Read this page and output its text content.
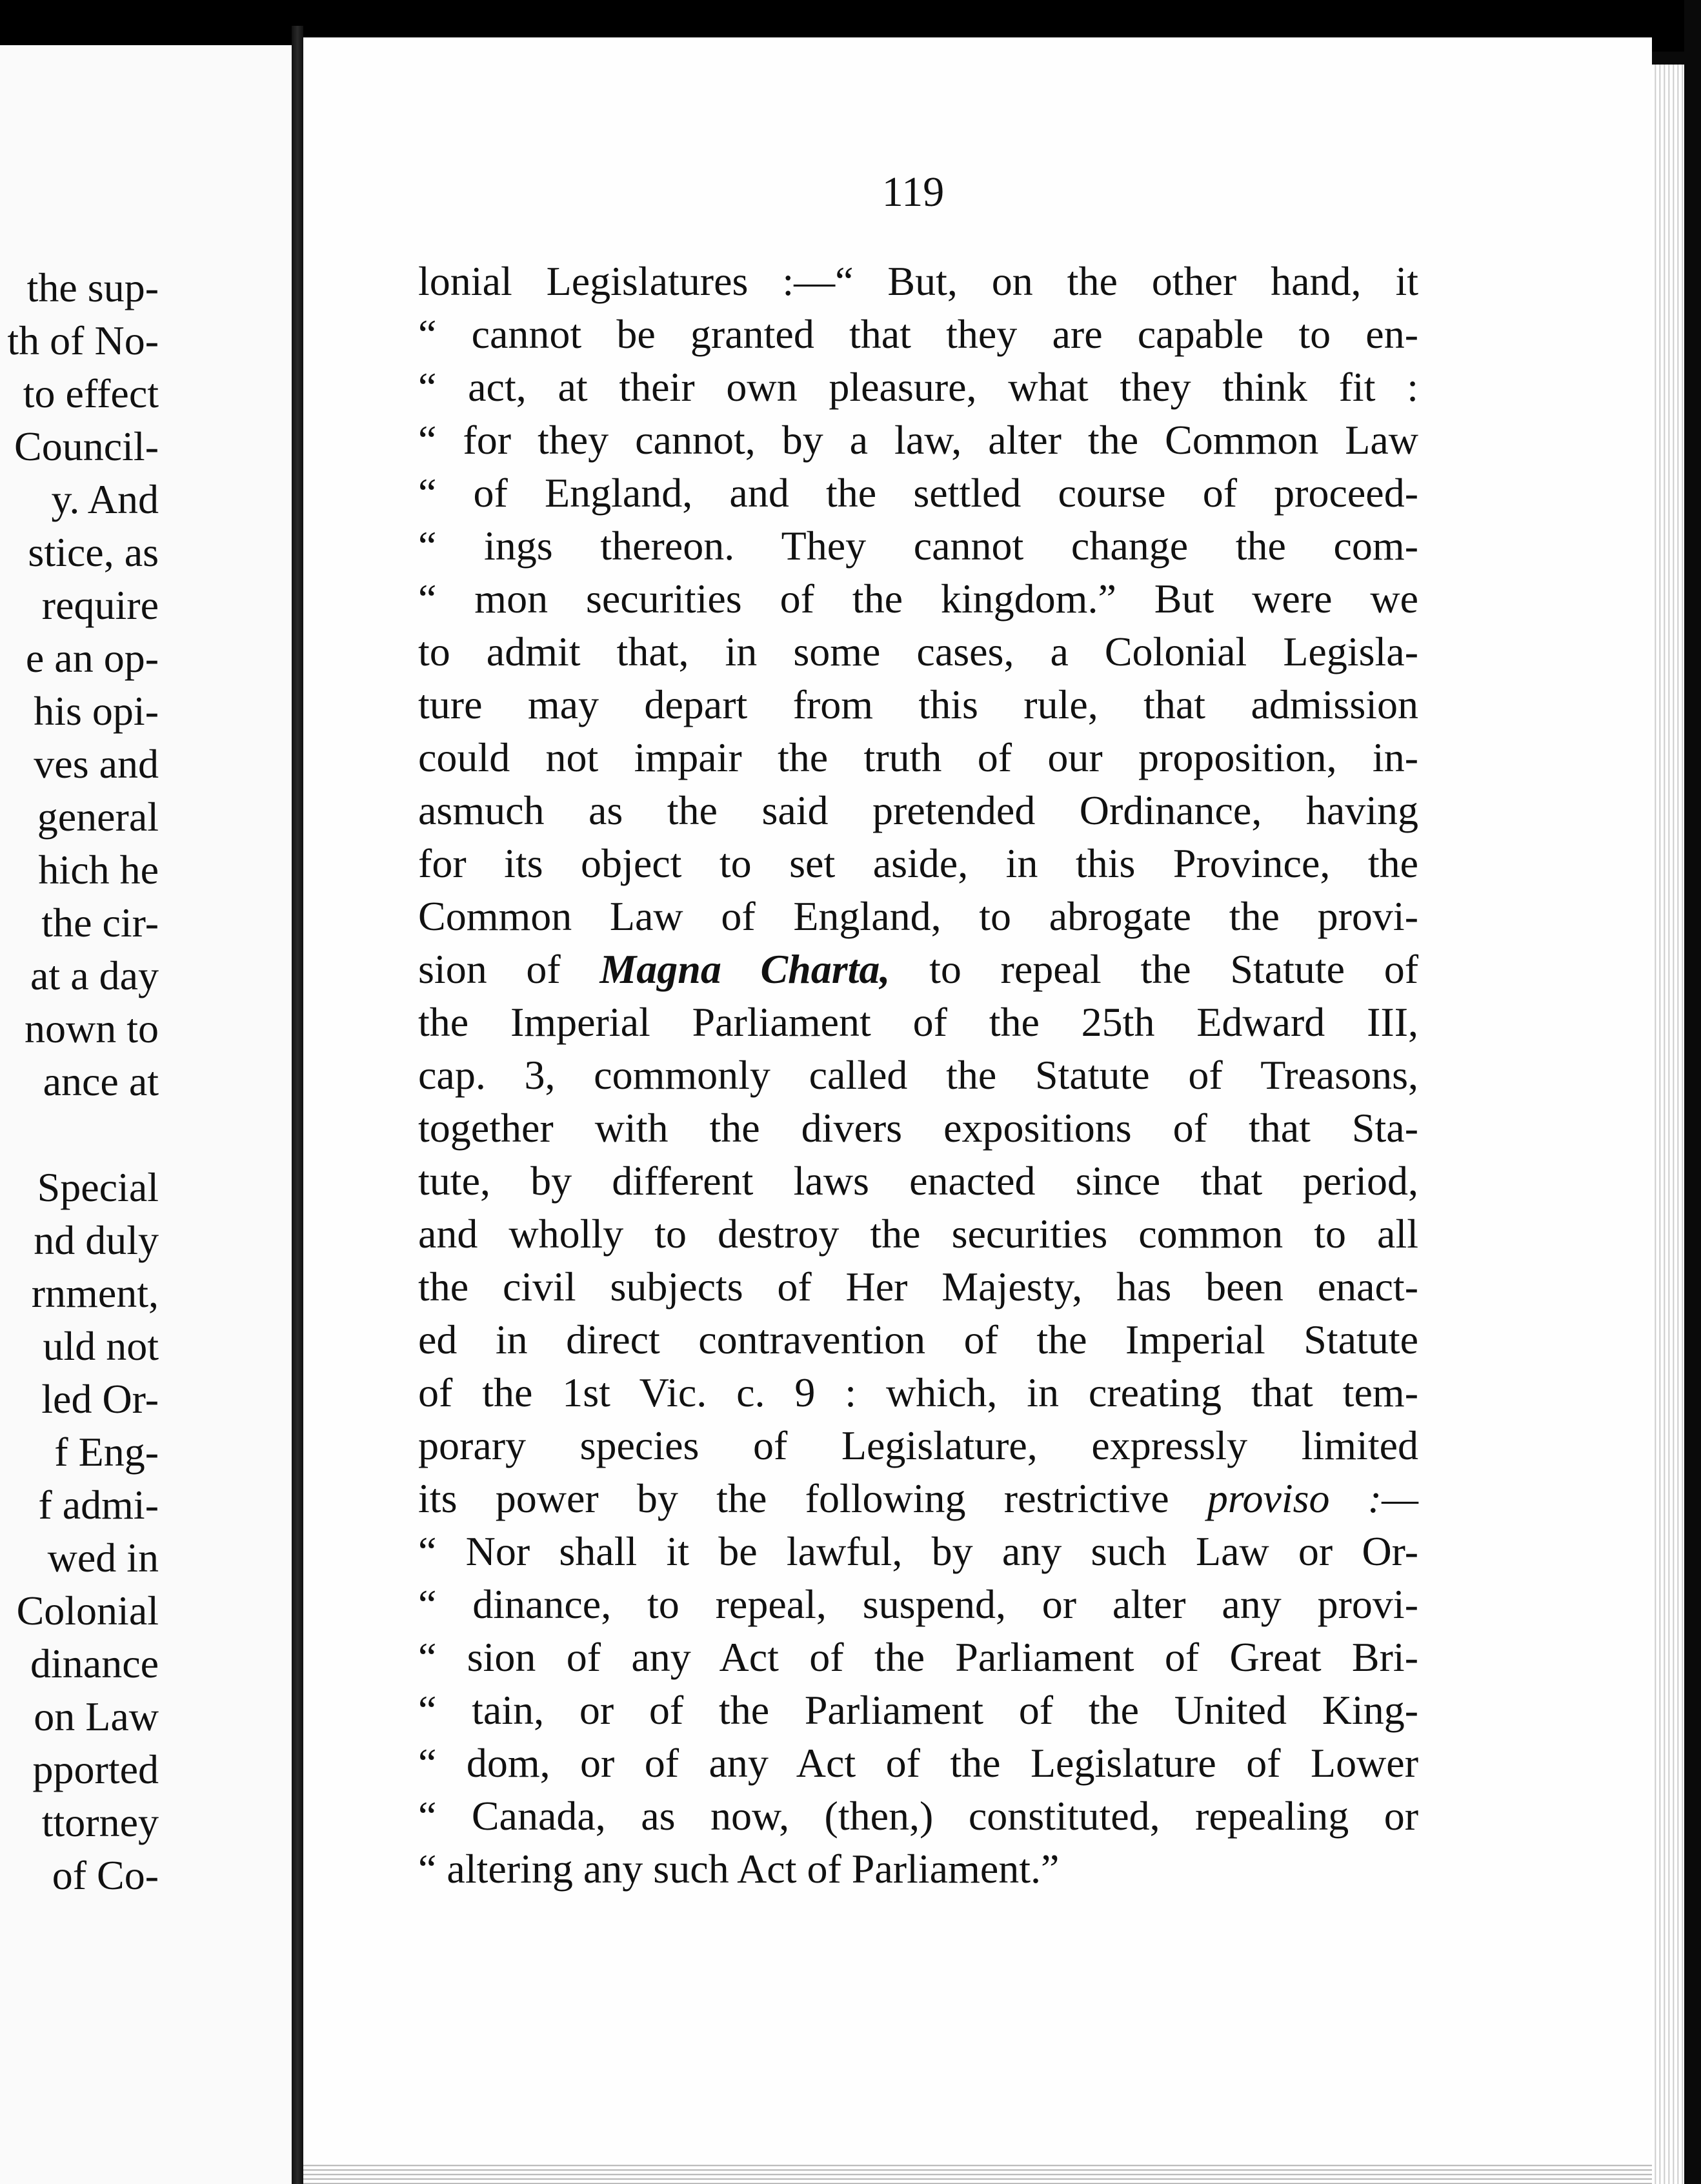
the sup-

th of No-

to effect

Council-

y. And

stice, as

require

e an op-

his opi-

ves and

general

hich he

the cir-

at a day

nown to

ance at

Special

nd duly

rnment,

uld not

led Or-

f Eng-

f admi-

wed in

Colonial

dinance

on Law

pported

ttorney

of Co-

119

lonial Legislatures :—“ But, on the other hand, it

“ cannot be granted that they are capable to en-

“ act, at their own pleasure, what they think fit :

“ for they cannot, by a law, alter the Common Law

“ of England, and the settled course of proceed-

“ ings thereon. They cannot change the com-

“ mon securities of the kingdom.” But were we

to admit that, in some cases, a Colonial Legisla-

ture may depart from this rule, that admission

could not impair the truth of our proposition, in-

asmuch as the said pretended Ordinance, having

for its object to set aside, in this Province, the

Common Law of England, to abrogate the provi-

sion of Magna Charta, to repeal the Statute of

the Imperial Parliament of the 25th Edward III,

cap. 3, commonly called the Statute of Treasons,

together with the divers expositions of that Sta-

tute, by different laws enacted since that period,

and wholly to destroy the securities common to all

the civil subjects of Her Majesty, has been enact-

ed in direct contravention of the Imperial Statute

of the 1st Vic. c. 9 : which, in creating that tem-

porary species of Legislature, expressly limited

its power by the following restrictive proviso :—

“ Nor shall it be lawful, by any such Law or Or-

“ dinance, to repeal, suspend, or alter any provi-

“ sion of any Act of the Parliament of Great Bri-

“ tain, or of the Parliament of the United King-

“ dom, or of any Act of the Legislature of Lower

“ Canada, as now, (then,) constituted, repealing or

“ altering any such Act of Parliament.”
